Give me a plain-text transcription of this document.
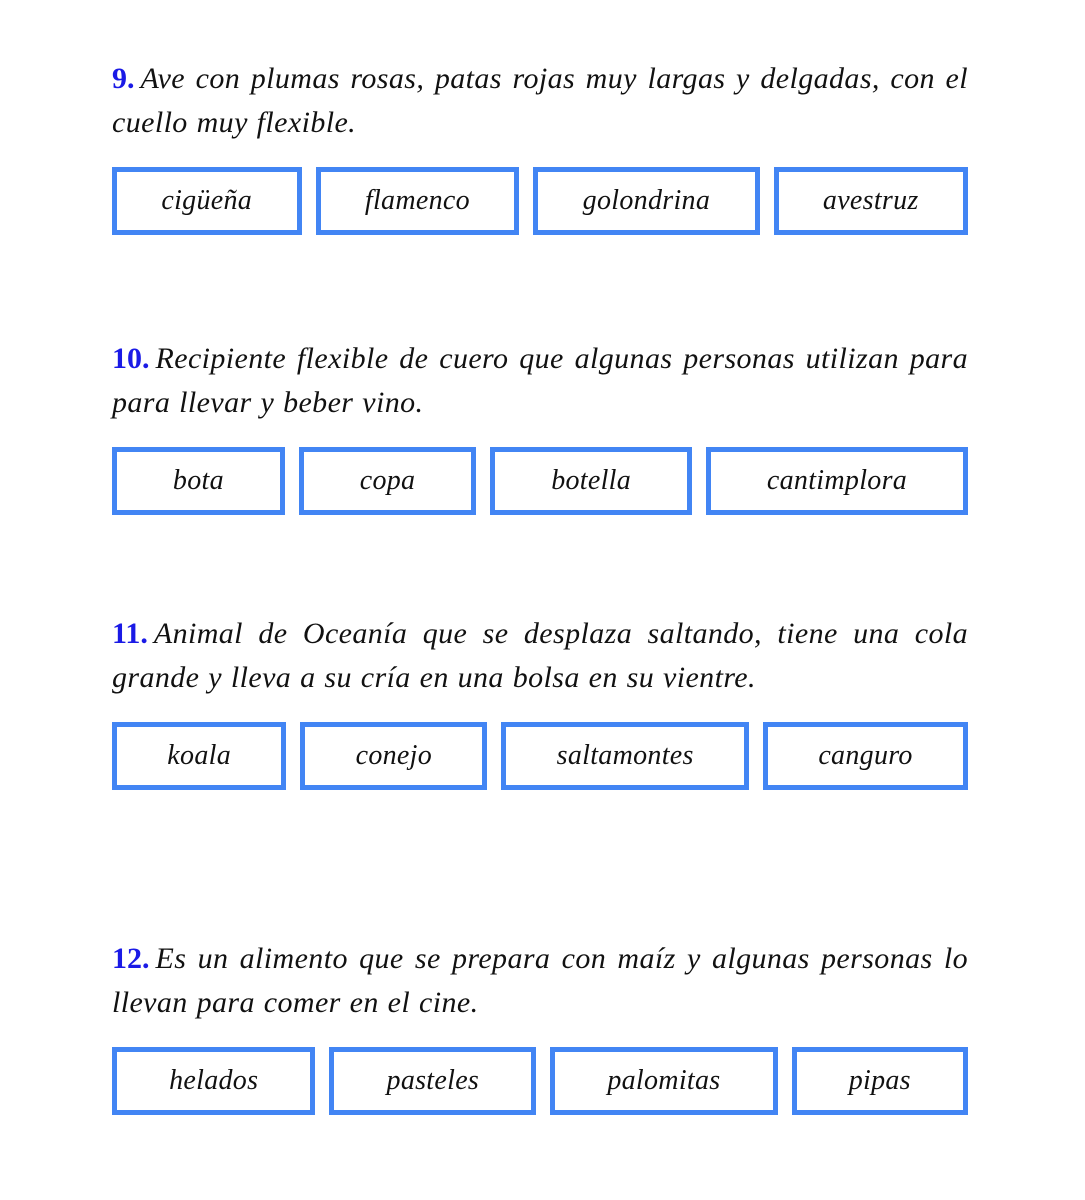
9. Ave con plumas rosas, patas rojas muy largas y delgadas, con el cuello muy flexible.

cigüeña	flamenco	golondrina	avestruz

10. Recipiente flexible de cuero que algunas personas utilizan para para llevar y beber vino.

bota	copa	botella	cantimplora

11. Animal de Oceanía que se desplaza saltando, tiene una cola grande y lleva a su cría en una bolsa en su vientre.

koala	conejo	saltamontes	canguro

12. Es un alimento que se prepara con maíz y algunas personas lo llevan para comer en el cine.

helados	pasteles	palomitas	pipas
